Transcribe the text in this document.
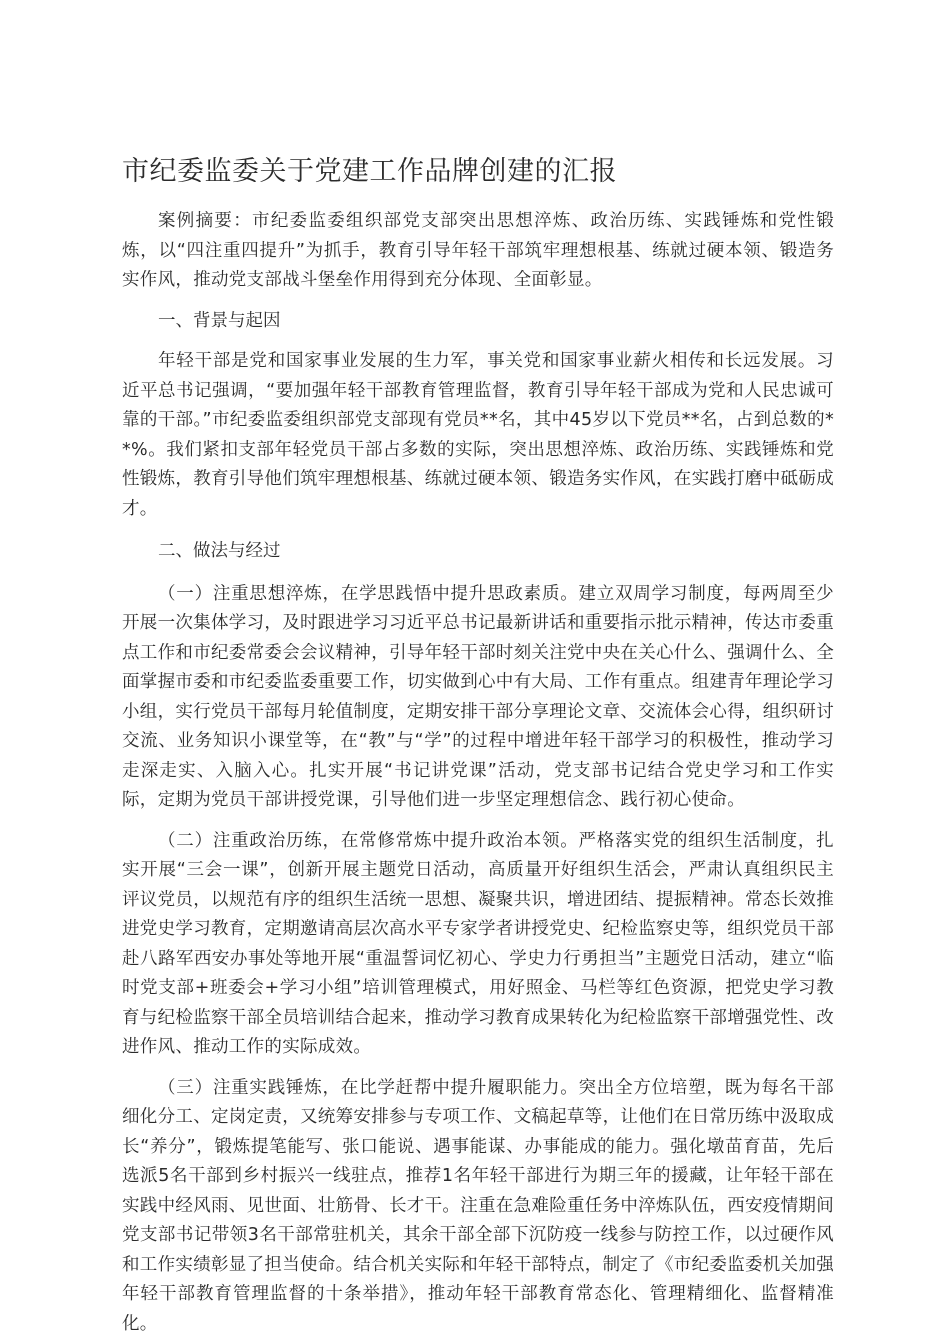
市纪委监委关于党建工作品牌创建的汇报

案例摘要：市纪委监委组织部党支部突出思想淬炼、政治历练、实践锤炼和党性锻炼，以“四注重四提升”为抓手，教育引导年轻干部筑牢理想根基、练就过硬本领、锻造务实作风，推动党支部战斗堡垒作用得到充分体现、全面彰显。

一、背景与起因

年轻干部是党和国家事业发展的生力军，事关党和国家事业薪火相传和长远发展。习近平总书记强调，“要加强年轻干部教育管理监督，教育引导年轻干部成为党和人民忠诚可靠的干部。”市纪委监委组织部党支部现有党员**名，其中45岁以下党员**名，占到总数的**%。我们紧扣支部年轻党员干部占多数的实际，突出思想淬炼、政治历练、实践锤炼和党性锻炼，教育引导他们筑牢理想根基、练就过硬本领、锻造务实作风，在实践打磨中砥砺成才。

二、做法与经过

（一）注重思想淬炼，在学思践悟中提升思政素质。建立双周学习制度，每两周至少开展一次集体学习，及时跟进学习习近平总书记最新讲话和重要指示批示精神，传达市委重点工作和市纪委常委会会议精神，引导年轻干部时刻关注党中央在关心什么、强调什么、全面掌握市委和市纪委监委重要工作，切实做到心中有大局、工作有重点。组建青年理论学习小组，实行党员干部每月轮值制度，定期安排干部分享理论文章、交流体会心得，组织研讨交流、业务知识小课堂等，在“教”与“学”的过程中增进年轻干部学习的积极性，推动学习走深走实、入脑入心。扎实开展“书记讲党课”活动，党支部书记结合党史学习和工作实际，定期为党员干部讲授党课，引导他们进一步坚定理想信念、践行初心使命。

（二）注重政治历练，在常修常炼中提升政治本领。严格落实党的组织生活制度，扎实开展“三会一课”，创新开展主题党日活动，高质量开好组织生活会，严肃认真组织民主评议党员，以规范有序的组织生活统一思想、凝聚共识，增进团结、提振精神。常态长效推进党史学习教育，定期邀请高层次高水平专家学者讲授党史、纪检监察史等，组织党员干部赴八路军西安办事处等地开展“重温誓词忆初心、学史力行勇担当”主题党日活动，建立“临时党支部+班委会+学习小组”培训管理模式，用好照金、马栏等红色资源，把党史学习教育与纪检监察干部全员培训结合起来，推动学习教育成果转化为纪检监察干部增强党性、改进作风、推动工作的实际成效。

（三）注重实践锤炼，在比学赶帮中提升履职能力。突出全方位培塑，既为每名干部细化分工、定岗定责，又统筹安排参与专项工作、文稿起草等，让他们在日常历练中汲取成长“养分”，锻炼提笔能写、张口能说、遇事能谋、办事能成的能力。强化墩苗育苗，先后选派5名干部到乡村振兴一线驻点，推荐1名年轻干部进行为期三年的援藏，让年轻干部在实践中经风雨、见世面、壮筋骨、长才干。注重在急难险重任务中淬炼队伍，西安疫情期间党支部书记带领3名干部常驻机关，其余干部全部下沉防疫一线参与防控工作，以过硬作风和工作实绩彰显了担当使命。结合机关实际和年轻干部特点，制定了《市纪委监委机关加强年轻干部教育管理监督的十条举措》，推动年轻干部教育常态化、管理精细化、监督精准化。
